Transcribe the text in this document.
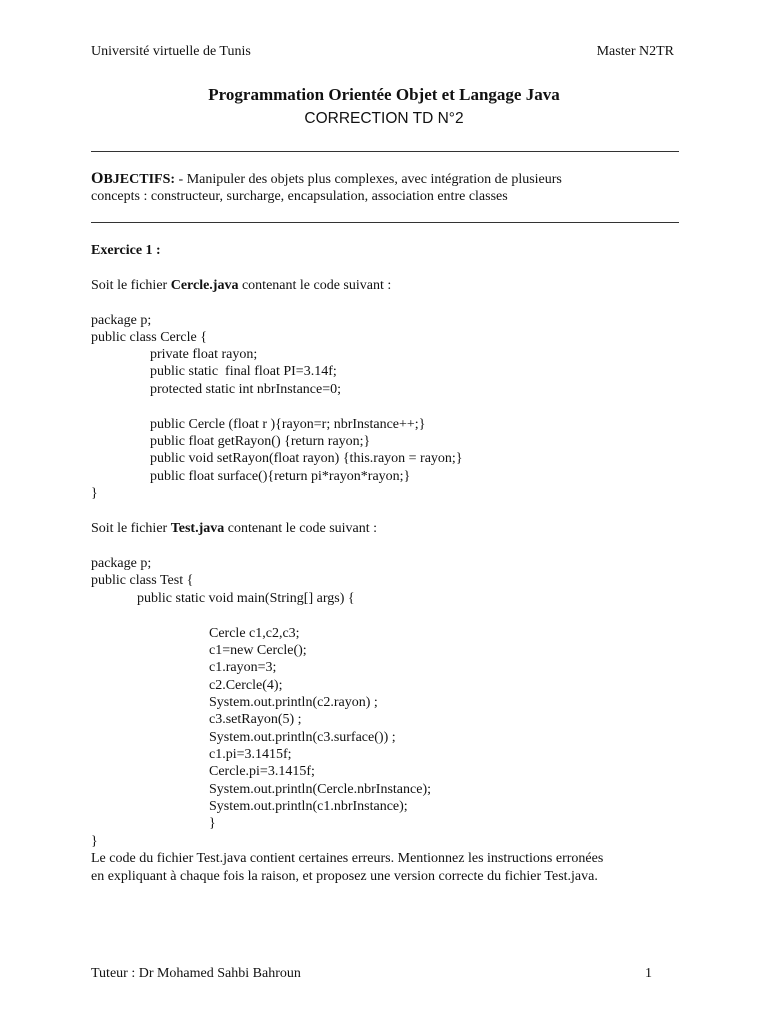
Université virtuelle de Tunis	Master N2TR
Programmation Orientée Objet et Langage Java
CORRECTION TD N°2
OBJECTIFS: - Manipuler des objets plus complexes, avec intégration de plusieurs
concepts : constructeur, surcharge, encapsulation, association entre classes
Exercice 1 :
Soit le fichier Cercle.java contenant le code suivant :
package p;
public class Cercle {
private float rayon;
public static  final float PI=3.14f;
protected static int nbrInstance=0;
public Cercle (float r ){rayon=r; nbrInstance++;}
public float getRayon() {return rayon;}
public void setRayon(float rayon) {this.rayon = rayon;}
public float surface(){return pi*rayon*rayon;}
}
Soit le fichier Test.java contenant le code suivant :
package p;
public class Test {
public static void main(String[] args) {
Cercle c1,c2,c3;
c1=new Cercle();
c1.rayon=3;
c2.Cercle(4);
System.out.println(c2.rayon) ;
c3.setRayon(5) ;
System.out.println(c3.surface()) ;
c1.pi=3.1415f;
Cercle.pi=3.1415f;
System.out.println(Cercle.nbrInstance);
System.out.println(c1.nbrInstance);
}
}
Le code du fichier Test.java contient certaines erreurs. Mentionnez les instructions erronées
en expliquant à chaque fois la raison, et proposez une version correcte du fichier Test.java.
Tuteur : Dr Mohamed Sahbi Bahroun	1
